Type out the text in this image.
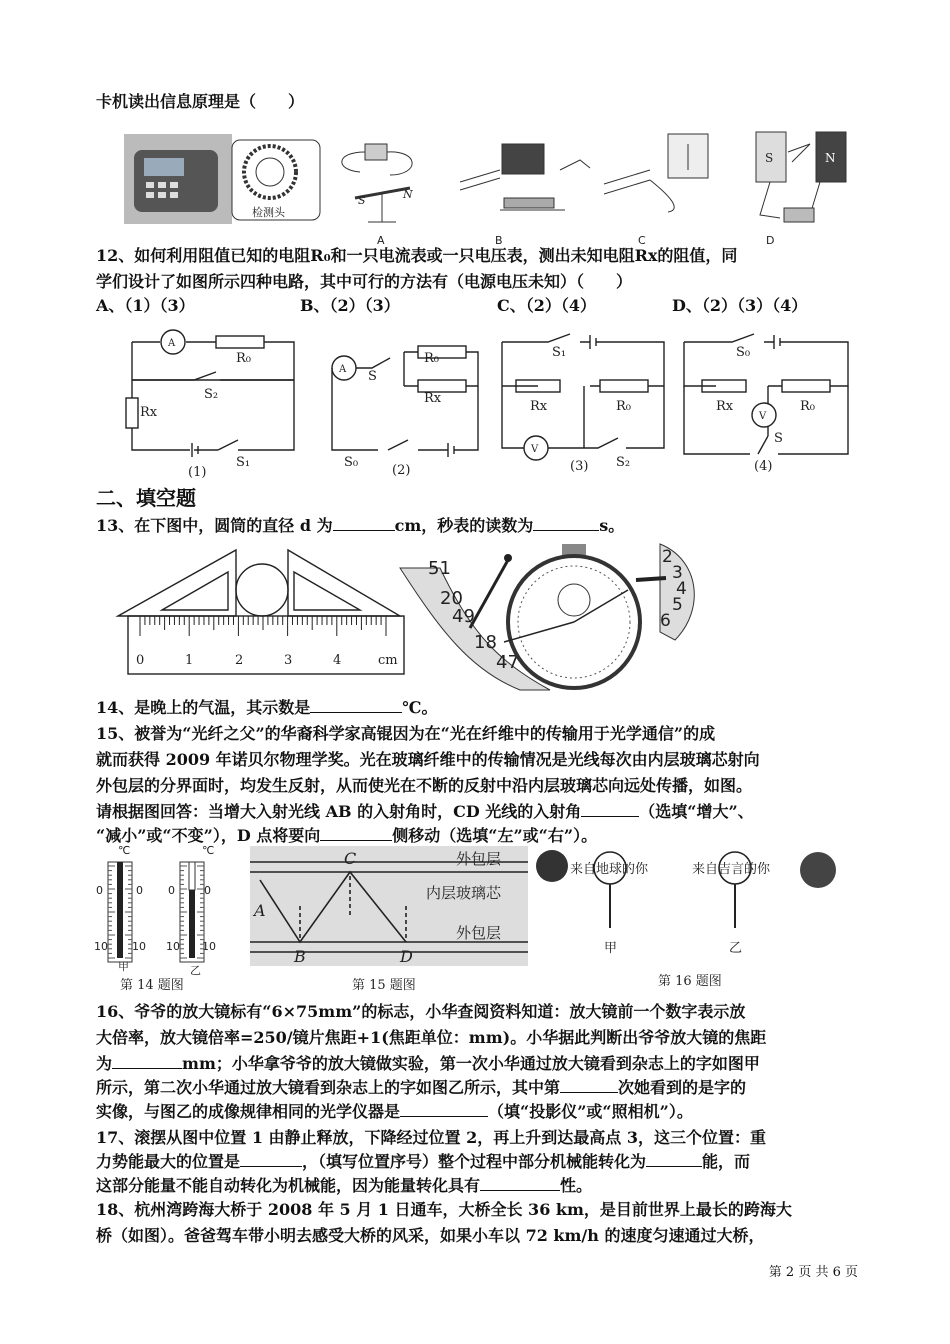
卡机读出信息原理是（　　）
检测头
S	N
S	N
A	B	C	D
12、如何利用阻值已知的电阻R₀和一只电流表或一只电压表，测出未知电阻Rx的阻值，同
学们设计了如图所示四种电路，其中可行的方法有（电源电压未知）（　　）
A、（1）（3）	B、（2）（3）	C、（2）（4）	D、（2）（3）（4）
A
R₀
Rx
S₂
S₁
(1)
A
R₀
Rx
S
S₀
(2)
S₁
Rx	R₀
V
S₂
(3)
S₀
Rx	R₀
V
S
(4)
二、填空题
13、在下图中，圆筒的直径 d 为	cm，秒表的读数为	s。
0	1	2	3	4	cm
51
20
49
18
47
2
3
4
5
6
14、是晚上的气温，其示数是	℃。
15、被誉为“光纤之父”的华裔科学家高锟因为在“光在纤维中的传输用于光学通信”的成
就而获得 2009 年诺贝尔物理学奖。光在玻璃纤维中的传输情况是光线每次由内层玻璃芯射向
外包层的分界面时，均发生反射，从而使光在不断的反射中沿内层玻璃芯向远处传播，如图。
请根据图回答：当增大入射光线 AB 的入射角时，CD 光线的入射角	（选填“增大”、
“减小”或“不变”），D 点将要向	侧移动（选填“左”或“右”）。
℃	℃
0	0
10 10
0	0
10 10
甲	乙
C
A
B	D
外包层
内层玻璃芯
外包层
来自地球的你	来自吉言的你
甲	乙
第 14 题图	第 15 题图	第 16 题图
16、爷爷的放大镜标有“6×75mm”的标志，小华查阅资料知道：放大镜前一个数字表示放
大倍率，放大镜倍率=250/镜片焦距+1(焦距单位：mm)。小华据此判断出爷爷放大镜的焦距
为	mm；小华拿爷爷的放大镜做实验，第一次小华通过放大镜看到杂志上的字如图甲
所示，第二次小华通过放大镜看到杂志上的字如图乙所示，其中第	次她看到的是字的
实像，与图乙的成像规律相同的光学仪器是	（填“投影仪”或“照相机”）。
17、滚摆从图中位置 1 由静止释放，下降经过位置 2，再上升到达最高点 3，这三个位置：重
力势能最大的位置是	，（填写位置序号）整个过程中部分机械能转化为	能，而
这部分能量不能自动转化为机械能，因为能量转化具有	性。
18、杭州湾跨海大桥于 2008 年 5 月 1 日通车，大桥全长 36 km，是目前世界上最长的跨海大
桥（如图）。爸爸驾车带小明去感受大桥的风采，如果小车以 72 km/h 的速度匀速通过大桥，
第 2 页 共 6 页
